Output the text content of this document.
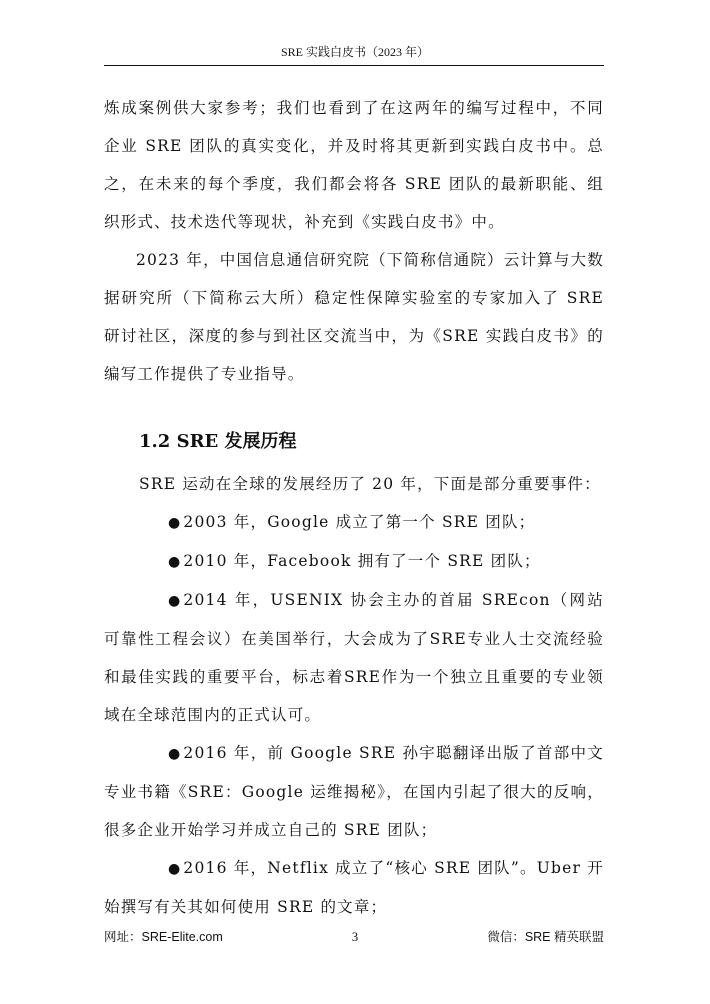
SRE 实践白皮书（2023 年）

炼成案例供大家参考；我们也看到了在这两年的编写过程中，不同企业 SRE 团队的真实变化，并及时将其更新到实践白皮书中。总之，在未来的每个季度，我们都会将各 SRE 团队的最新职能、组织形式、技术迭代等现状，补充到《实践白皮书》中。

2023 年，中国信息通信研究院（下简称信通院）云计算与大数据研究所（下简称云大所）稳定性保障实验室的专家加入了 SRE 研讨社区，深度的参与到社区交流当中，为《SRE 实践白皮书》的编写工作提供了专业指导。

1.2 SRE 发展历程

SRE 运动在全球的发展经历了 20 年，下面是部分重要事件：

● 2003 年，Google 成立了第一个 SRE 团队；

● 2010 年，Facebook 拥有了一个 SRE 团队；

● 2014 年，USENIX 协会主办的首届 SREcon（网站可靠性工程会议）在美国举行，大会成为了SRE专业人士交流经验和最佳实践的重要平台，标志着SRE作为一个独立且重要的专业领域在全球范围内的正式认可。

● 2016 年，前 Google SRE 孙宇聪翻译出版了首部中文专业书籍《SRE：Google 运维揭秘》，在国内引起了很大的反响，很多企业开始学习并成立自己的 SRE 团队；

● 2016 年，Netflix 成立了“核心 SRE 团队”。Uber 开始撰写有关其如何使用 SRE 的文章；

网址：SRE-Elite.com	3	微信：SRE 精英联盟
